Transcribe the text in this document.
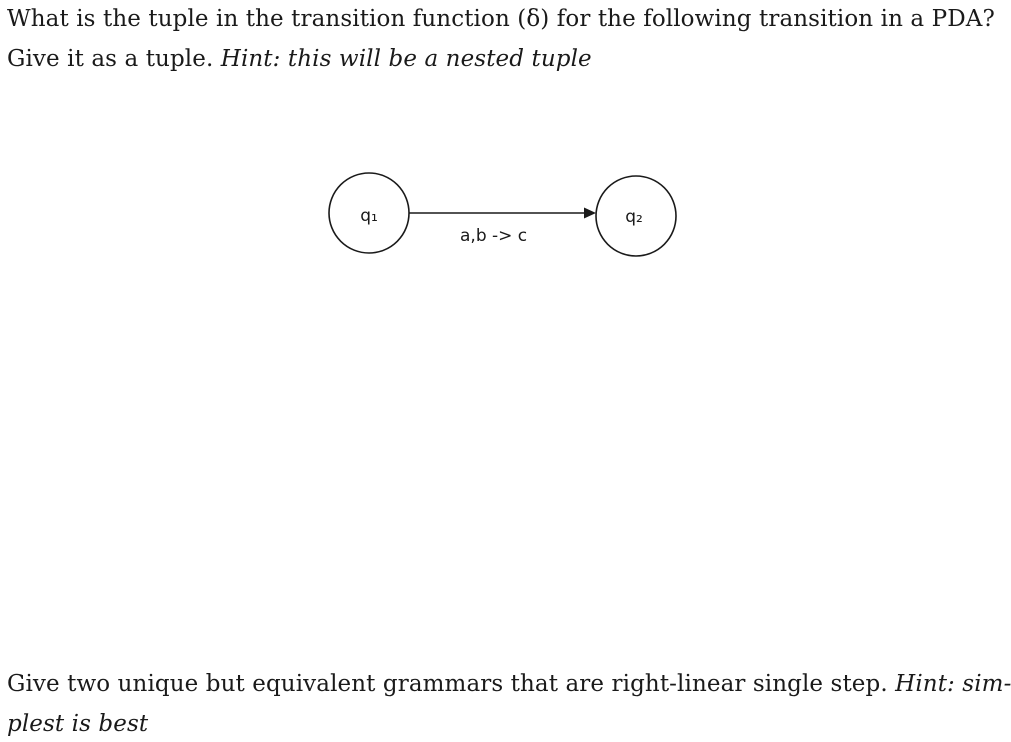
What is the tuple in the transition function (δ) for the following transition in a PDA?
Give it as a tuple. Hint: this will be a nested tuple
q₁	q₂
a,b -> c
Give two unique but equivalent grammars that are right-linear single step. Hint: sim-
plest is best
